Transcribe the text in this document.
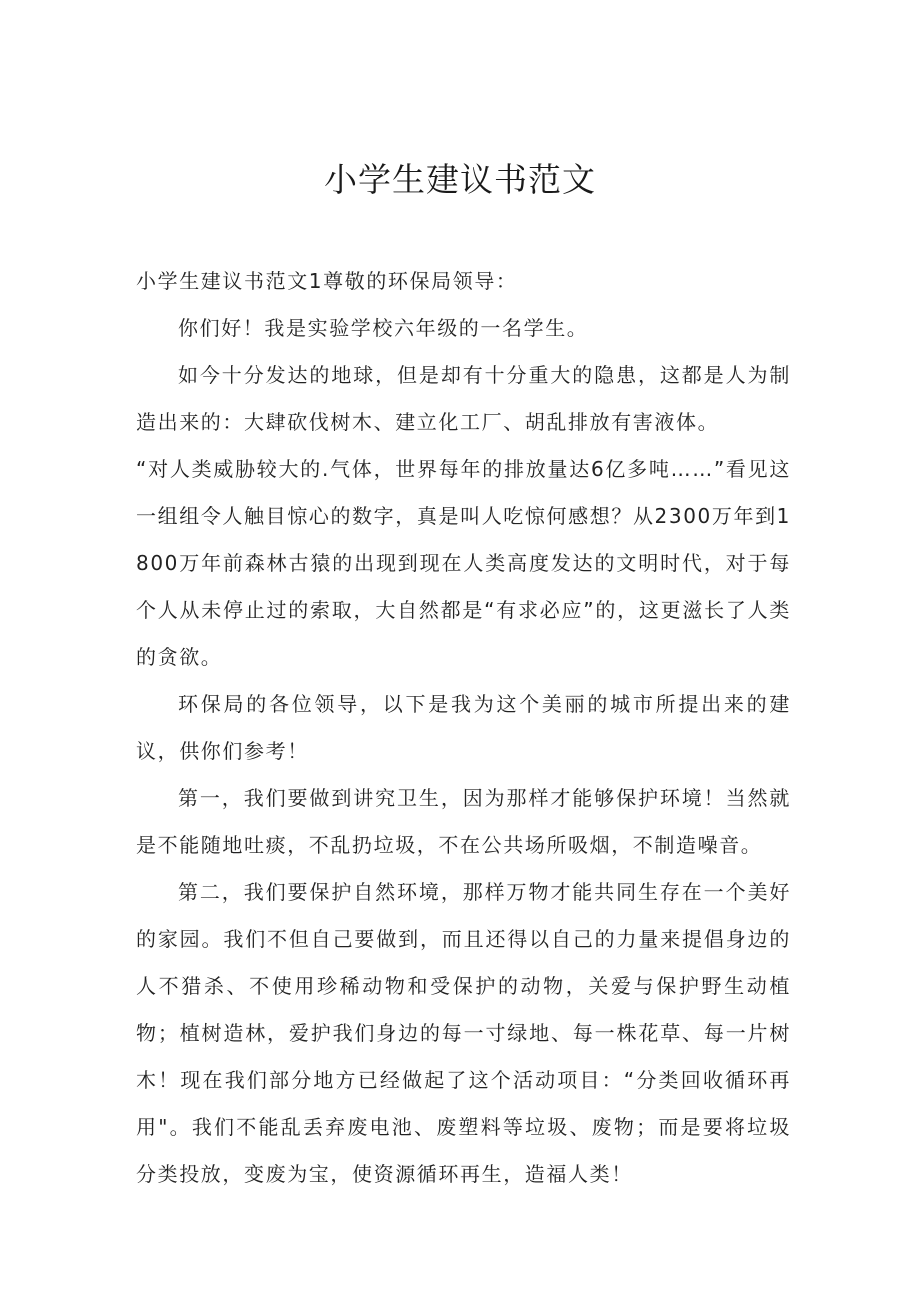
小学生建议书范文

小学生建议书范文1尊敬的环保局领导：

你们好！我是实验学校六年级的一名学生。

如今十分发达的地球，但是却有十分重大的隐患，这都是人为制造出来的：大肆砍伐树木、建立化工厂、胡乱排放有害液体。

“对人类威胁较大的.气体，世界每年的排放量达6亿多吨……”看见这一组组令人触目惊心的数字，真是叫人吃惊何感想？从2300万年到1800万年前森林古猿的出现到现在人类高度发达的文明时代，对于每个人从未停止过的索取，大自然都是“有求必应”的，这更滋长了人类的贪欲。

环保局的各位领导，以下是我为这个美丽的城市所提出来的建议，供你们参考！

第一，我们要做到讲究卫生，因为那样才能够保护环境！当然就是不能随地吐痰，不乱扔垃圾，不在公共场所吸烟，不制造噪音。

第二，我们要保护自然环境，那样万物才能共同生存在一个美好的家园。我们不但自己要做到，而且还得以自己的力量来提倡身边的人不猎杀、不使用珍稀动物和受保护的动物，关爱与保护野生动植物；植树造林，爱护我们身边的每一寸绿地、每一株花草、每一片树木！现在我们部分地方已经做起了这个活动项目：“分类回收循环再用"。我们不能乱丢弃废电池、废塑料等垃圾、废物；而是要将垃圾分类投放，变废为宝，使资源循环再生，造福人类！
